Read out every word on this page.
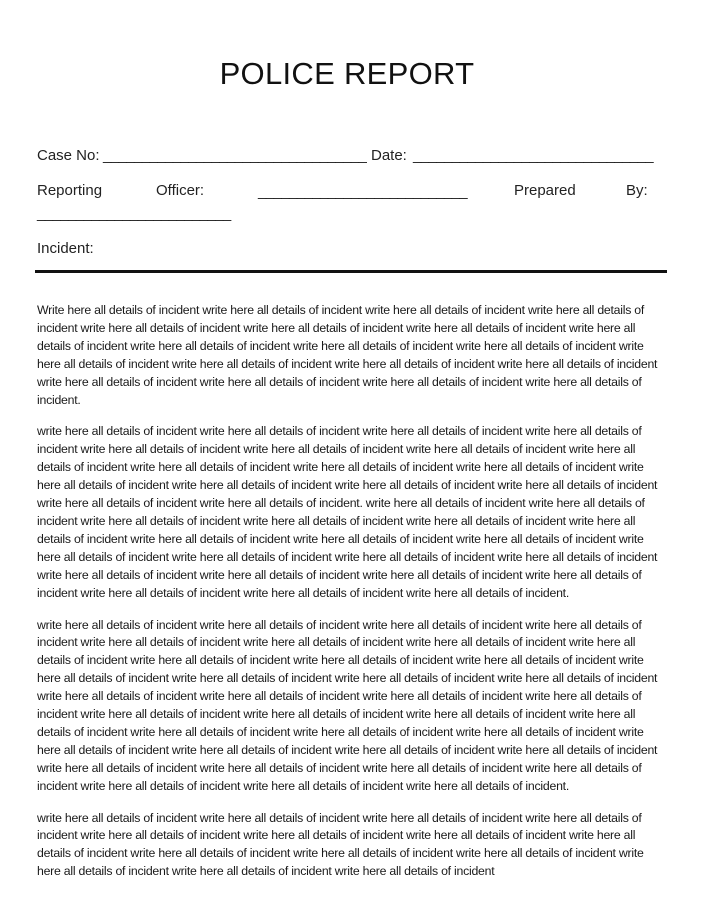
POLICE REPORT
Case No: __________________________________ Date: _______________________________
Reporting	Officer:	___________________________	Prepared	By:
_________________________
Incident:

Write here all details of incident write here all details of incident write here all details of incident write here all details of incident write here all details of incident write here all details of incident write here all details of incident write here all details of incident write here all details of incident write here all details of incident write here all details of incident write here all details of incident write here all details of incident write here all details of incident write here all details of incident write here all details of incident write here all details of incident write here all details of incident write here all details of incident.

write here all details of incident write here all details of incident write here all details of incident write here all details of incident write here all details of incident write here all details of incident write here all details of incident write here all details of incident write here all details of incident write here all details of incident write here all details of incident write here all details of incident write here all details of incident write here all details of incident write here all details of incident write here all details of incident write here all details of incident. write here all details of incident write here all details of incident write here all details of incident write here all details of incident write here all details of incident write here all details of incident write here all details of incident write here all details of incident write here all details of incident write here all details of incident write here all details of incident write here all details of incident write here all details of incident write here all details of incident write here all details of incident write here all details of incident write here all details of incident write here all details of incident write here all details of incident write here all details of incident.

write here all details of incident write here all details of incident write here all details of incident write here all details of incident write here all details of incident write here all details of incident write here all details of incident write here all details of incident write here all details of incident write here all details of incident write here all details of incident write here all details of incident write here all details of incident write here all details of incident write here all details of incident write here all details of incident write here all details of incident write here all details of incident write here all details of incident write here all details of incident write here all details of incident write here all details of incident write here all details of incident write here all details of incident write here all details of incident write here all details of incident write here all details of incident write here all details of incident write here all details of incident write here all details of incident write here all details of incident write here all details of incident write here all details of incident write here all details of incident write here all details of incident write here all details of incident write here all details of incident.

write here all details of incident write here all details of incident write here all details of incident write here all details of incident write here all details of incident write here all details of incident write here all details of incident write here all details of incident write here all details of incident write here all details of incident write here all details of incident write here all details of incident write here all details of incident write here all details of incident
